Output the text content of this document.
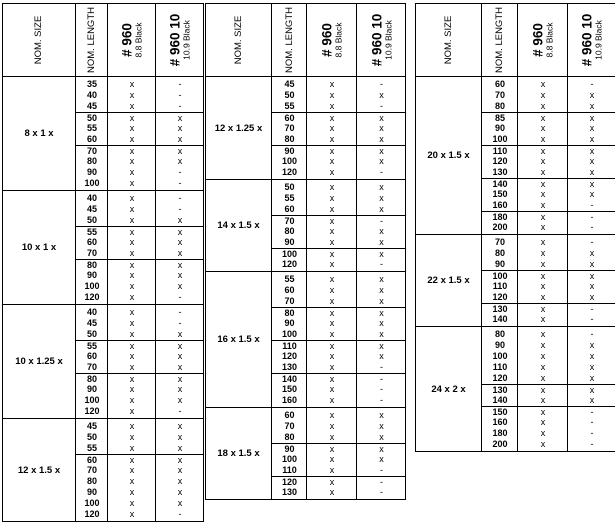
NOM. SIZE	NOM. LENGTH # 960 8.8 Black # 960 10 10.9 Black
8 x 1 x
35	x	-
40	x	-
45	x	-
50	x	x
55	x	x
60	x	x
70	x	x
80	x	x
90	x	-
100	x	-
10 x 1 x
40	x	-
45	x	-
50	x	x
55	x	x
60	x	x
70	x	x
80	x	x
90	x	x
100	x	x
120	x	-
10 x 1.25 x
40	x	-
45	x	-
50	x	x
55	x	x
60	x	x
70	x	x
80	x	x
90	x	x
100	x	x
120	x	-
12 x 1.5 x
45	x	x
50	x	x
55	x	x
60	x	x
70	x	x
80	x	x
90	x	x
100	x	x
120	x	-
NOM. SIZE	NOM. LENGTH # 960 8.8 Black # 960 10 10.9 Black
12 x 1.25 x
45	x	-
50	x	x
55	x	-
60	x	x
70	x	x
80	x	x
90	x	x
100	x	x
120	x	-
14 x 1.5 x
50	x	x
55	x	x
60	x	x
70	x	-
80	x	x
90	x	x
100	x	x
120	x	-
16 x 1.5 x
55	x	x
60	x	x
70	x	x
80	x	x
90	x	x
100	x	x
110	x	x
120	x	x
130	x	-
140	x	-
150	x	-
160	x	-
18 x 1.5 x
60	x	x
70	x	x
80	x	x
90	x	x
100	x	x
110	x	-
120	x	-
130	x	-
NOM. SIZE	NOM. LENGTH # 960 8.8 Black # 960 10 10.9 Black
20 x 1.5 x
60	x	-
70	x	x
80	x	x
85	x	x
90	x	x
100	x	x
110	x	x
120	x	x
130	x	x
140	x	x
150	x	x
160	x	-
180	x	-
200	x	-
22 x 1.5 x
70	x	-
80	x	x
90	x	x
100	x	x
110	x	x
120	x	x
130	x	-
140	x	-
24 x 2 x
80	x	-
90	x	x
100	x	x
110	x	x
120	x	x
130	x	x
140	x	x
150	x	-
160	x	-
180	x	-
200	x	-
